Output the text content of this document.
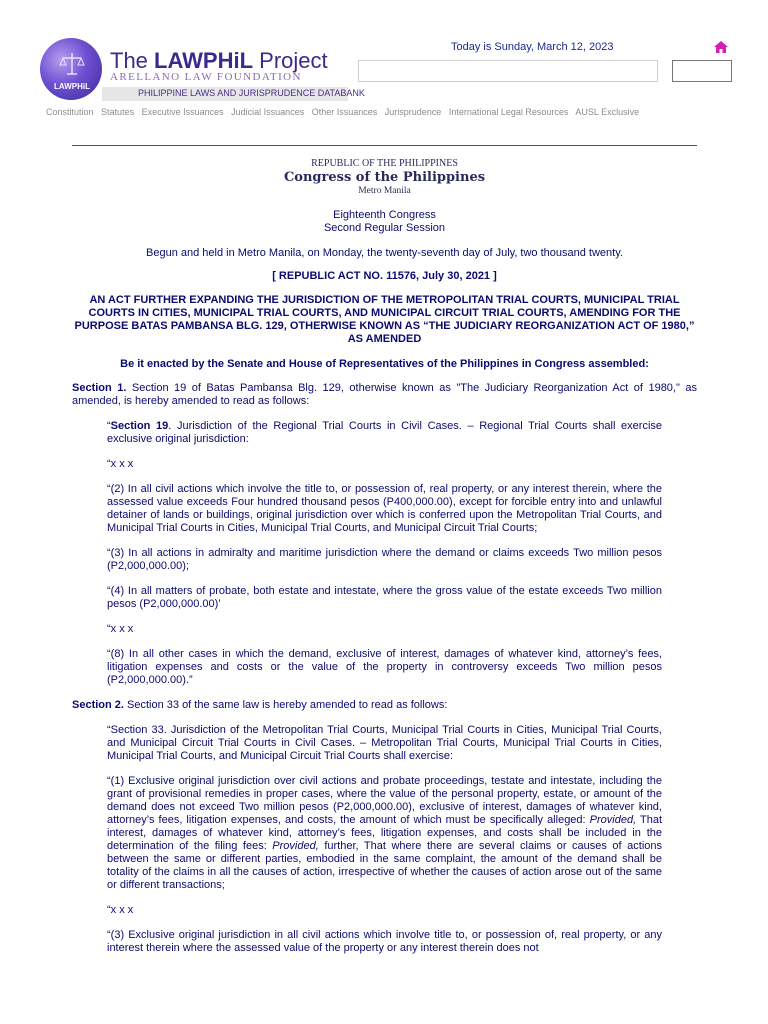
LAWPHiL
The LAWPHiL Project
ARELLANO LAW FOUNDATION
PHILIPPINE LAWS AND JURISPRUDENCE DATABANK
Today is Sunday, March 12, 2023
Constitution Statutes Executive Issuances Judicial Issuances Other Issuances Jurisprudence International Legal Resources AUSL Exclusive
REPUBLIC OF THE PHILIPPINES
Congress of the Philippines
Metro Manila
Eighteenth Congress
Second Regular Session
Begun and held in Metro Manila, on Monday, the twenty-seventh day of July, two thousand twenty.
[ REPUBLIC ACT NO. 11576, July 30, 2021 ]
AN ACT FURTHER EXPANDING THE JURISDICTION OF THE METROPOLITAN TRIAL COURTS, MUNICIPAL TRIAL COURTS IN CITIES, MUNICIPAL TRIAL COURTS, AND MUNICIPAL CIRCUIT TRIAL COURTS, AMENDING FOR THE PURPOSE BATAS PAMBANSA BLG. 129, OTHERWISE KNOWN AS “THE JUDICIARY REORGANIZATION ACT OF 1980,” AS AMENDED
Be it enacted by the Senate and House of Representatives of the Philippines in Congress assembled:

Section 1. Section 19 of Batas Pambansa Blg. 129, otherwise known as "The Judiciary Reorganization Act of 1980," as amended, is hereby amended to read as follows:

“Section 19. Jurisdiction of the Regional Trial Courts in Civil Cases. – Regional Trial Courts shall exercise exclusive original jurisdiction:

“x x x

“(2) In all civil actions which involve the title to, or possession of, real property, or any interest therein, where the assessed value exceeds Four hundred thousand pesos (P400,000.00), except for forcible entry into and unlawful detainer of lands or buildings, original jurisdiction over which is conferred upon the Metropolitan Trial Courts, and Municipal Trial Courts in Cities, Municipal Trial Courts, and Municipal Circuit Trial Courts;

“(3) In all actions in admiralty and maritime jurisdiction where the demand or claims exceeds Two million pesos (P2,000,000.00);

“(4) In all matters of probate, both estate and intestate, where the gross value of the estate exceeds Two million pesos (P2,000,000.00)’

“x x x

“(8) In all other cases in which the demand, exclusive of interest, damages of whatever kind, attorney’s fees, litigation expenses and costs or the value of the property in controversy exceeds Two million pesos (P2,000,000.00).”

Section 2. Section 33 of the same law is hereby amended to read as follows:

“Section 33. Jurisdiction of the Metropolitan Trial Courts, Municipal Trial Courts in Cities, Municipal Trial Courts, and Municipal Circuit Trial Courts in Civil Cases. – Metropolitan Trial Courts, Municipal Trial Courts in Cities, Municipal Trial Courts, and Municipal Circuit Trial Courts shall exercise:

“(1) Exclusive original jurisdiction over civil actions and probate proceedings, testate and intestate, including the grant of provisional remedies in proper cases, where the value of the personal property, estate, or amount of the demand does not exceed Two million pesos (P2,000,000.00), exclusive of interest, damages of whatever kind, attorney’s fees, litigation expenses, and costs, the amount of which must be specifically alleged: Provided, That interest, damages of whatever kind, attorney’s fees, litigation expenses, and costs shall be included in the determination of the filing fees: Provided, further, That where there are several claims or causes of actions between the same or different parties, embodied in the same complaint, the amount of the demand shall be totality of the claims in all the causes of action, irrespective of whether the causes of action arose out of the same or different transactions;

“x x x

“(3) Exclusive original jurisdiction in all civil actions which involve title to, or possession of, real property, or any interest therein where the assessed value of the property or any interest therein does not
